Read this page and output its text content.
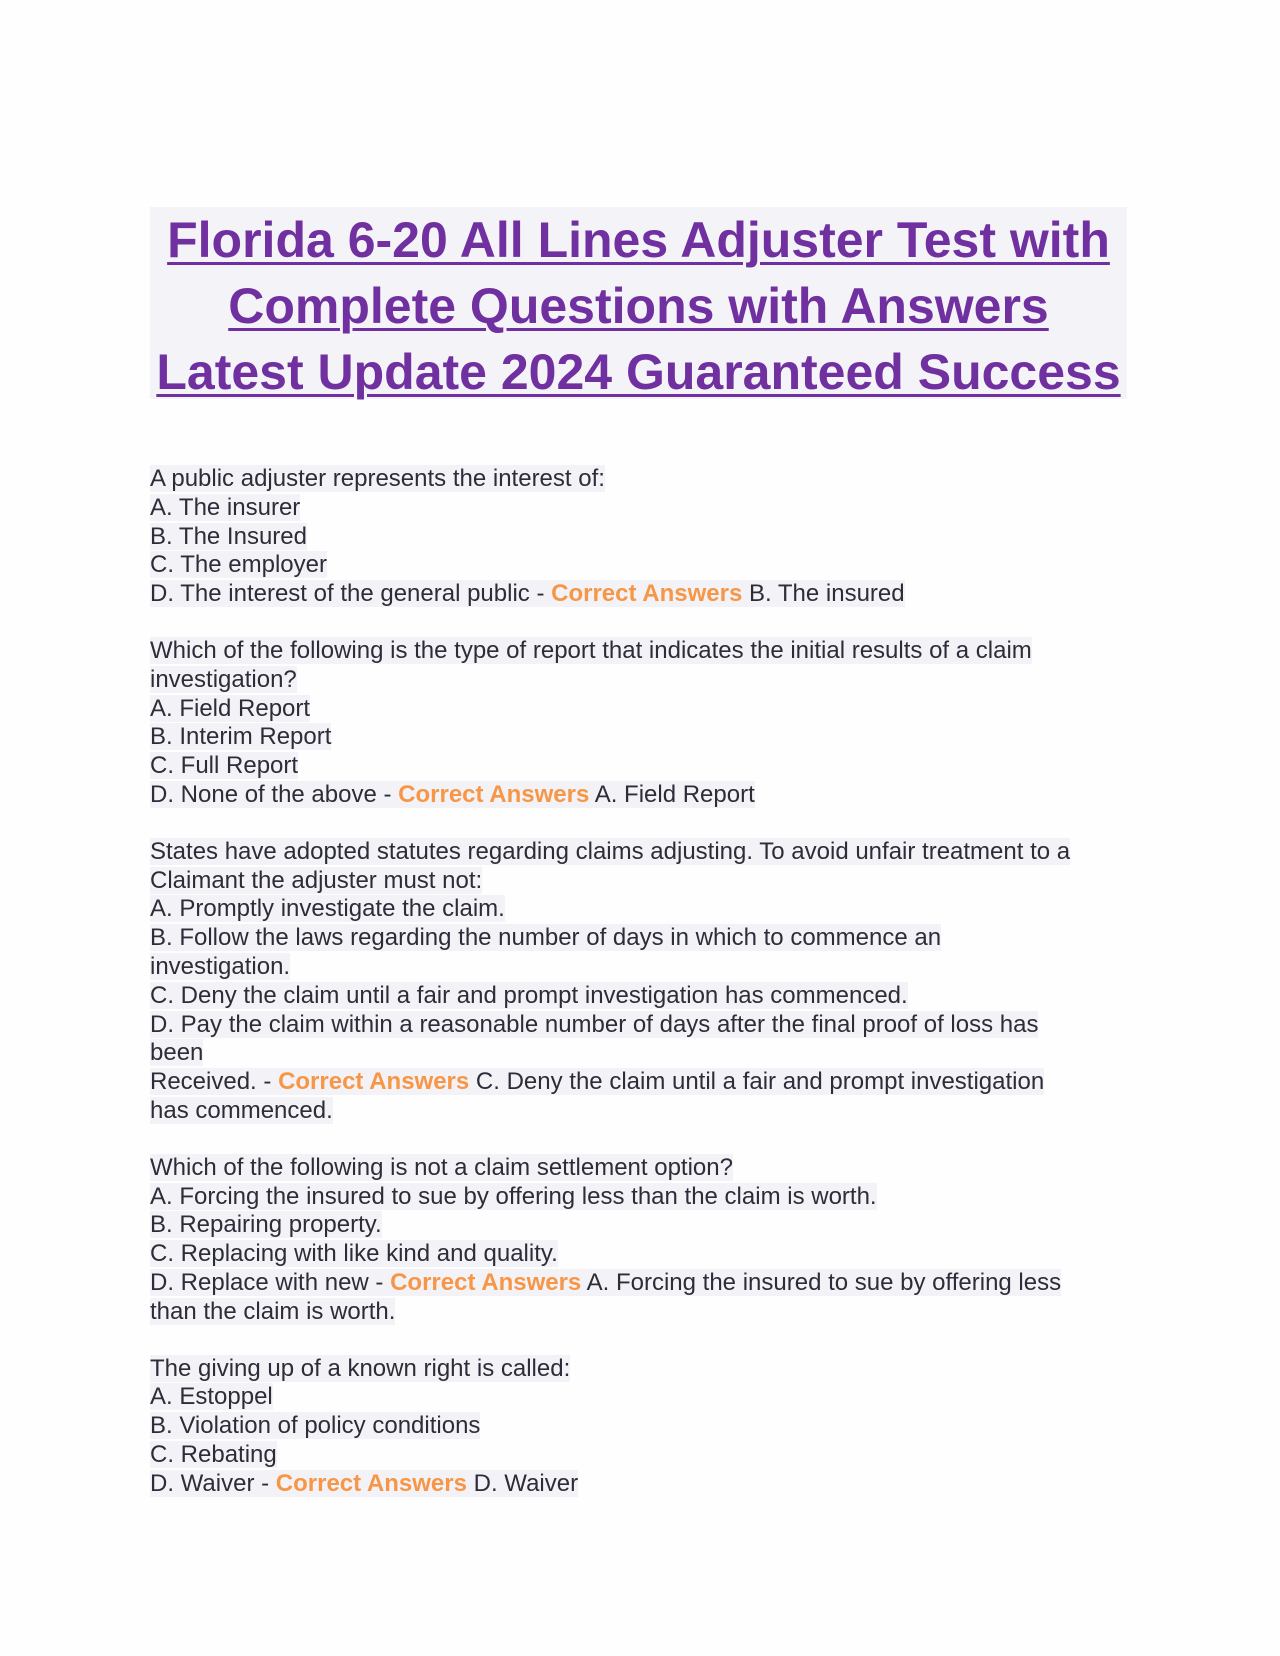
Florida 6-20 All Lines Adjuster Test with
Complete Questions with Answers
Latest Update 2024 Guaranteed Success
A public adjuster represents the interest of:
A. The insurer
B. The Insured
C. The employer
D. The interest of the general public - Correct Answers B. The insured
Which of the following is the type of report that indicates the initial results of a claim
investigation?
A. Field Report
B. Interim Report
C. Full Report
D. None of the above - Correct Answers A. Field Report
States have adopted statutes regarding claims adjusting. To avoid unfair treatment to a
Claimant the adjuster must not:
A. Promptly investigate the claim.
B. Follow the laws regarding the number of days in which to commence an
investigation.
C. Deny the claim until a fair and prompt investigation has commenced.
D. Pay the claim within a reasonable number of days after the final proof of loss has
been
Received. - Correct Answers C. Deny the claim until a fair and prompt investigation
has commenced.
Which of the following is not a claim settlement option?
A. Forcing the insured to sue by offering less than the claim is worth.
B. Repairing property.
C. Replacing with like kind and quality.
D. Replace with new - Correct Answers A. Forcing the insured to sue by offering less
than the claim is worth.
The giving up of a known right is called:
A. Estoppel
B. Violation of policy conditions
C. Rebating
D. Waiver - Correct Answers D. Waiver
